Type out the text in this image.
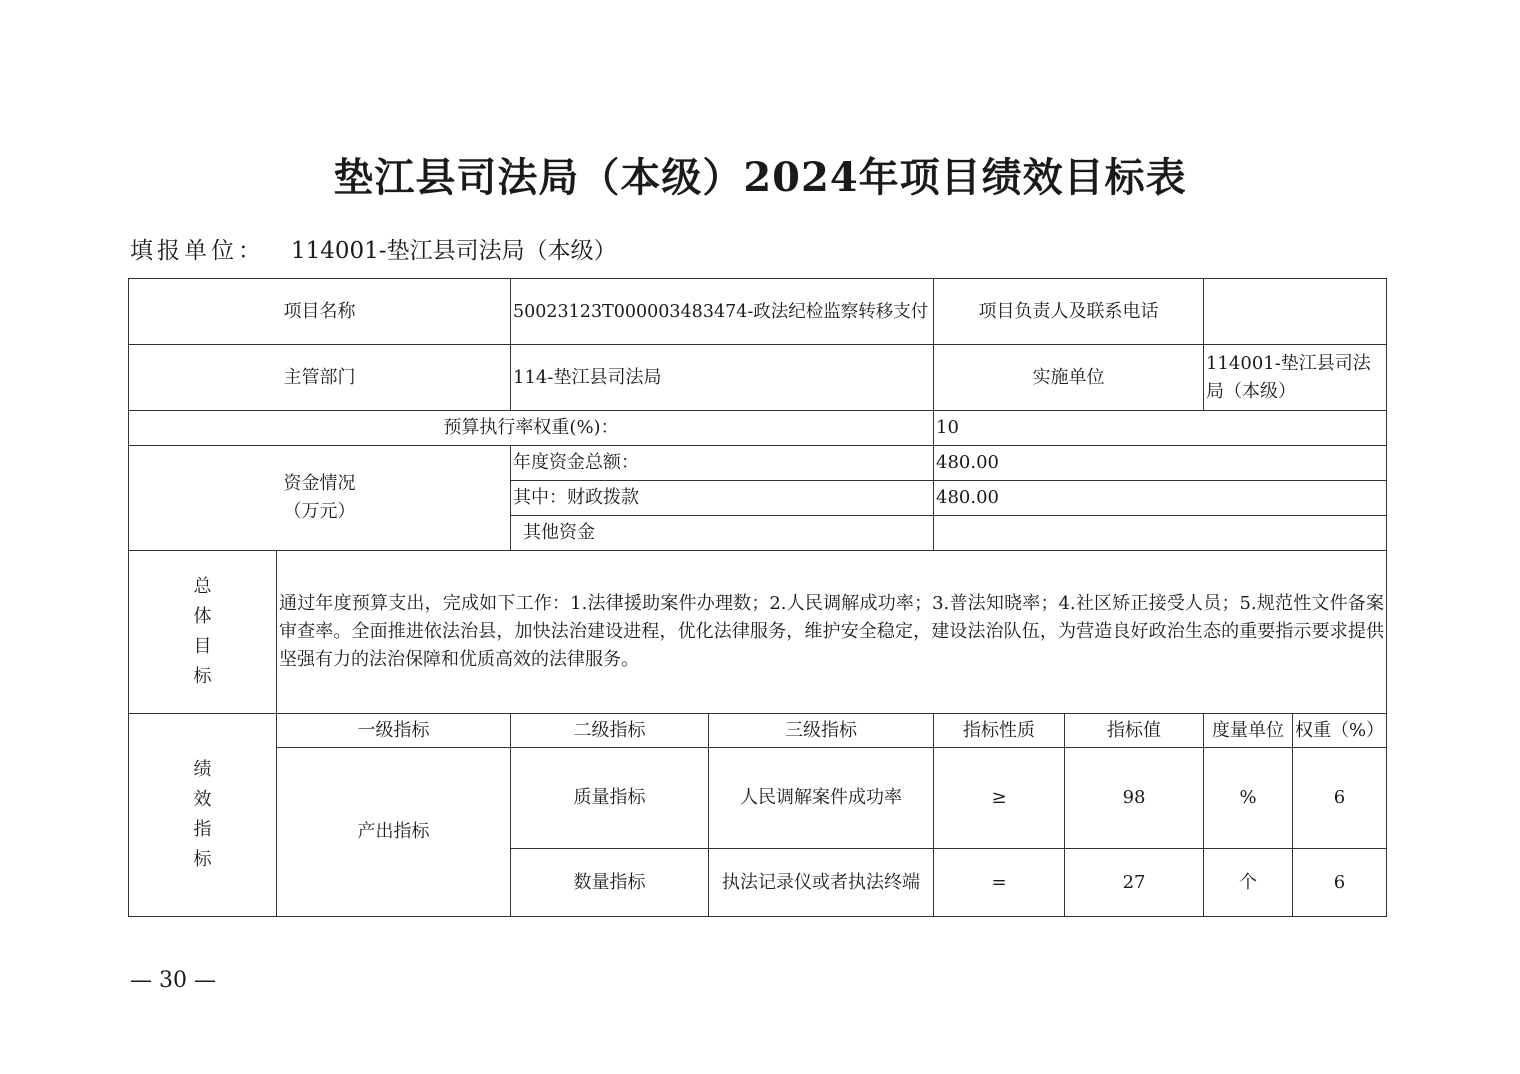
垫江县司法局（本级）2024年项目绩效目标表
填报单位： 114001-垫江县司法局（本级）
项目名称		50023123T000003483474-政法纪检监察转移支付		项目负责人及联系电话			
主管部门		114-垫江县司法局		实施单位		114001-垫江县司法局（本级）	
预算执行率权重(%)：				10			

资金情况
（万元）		年度资金总额：		480.00			
		其中：财政拨款		480.00			
		其他资金					
总体目标	通过年度预算支出，完成如下工作：1.法律援助案件办理数；2.人民调解成功率；3.普法知晓率；4.社区矫正接受人员；5.规范性文件备案审查率。全面推进依法治县，加快法治建设进程，优化法律服务，维护安全稳定，建设法治队伍，为营造良好政治生态的重要指示要求提供坚强有力的法治保障和优质高效的法律服务。						
绩效指标	一级指标	二级指标	三级指标	指标性质	指标值	度量单位	权重（%）
	产出指标	质量指标	人民调解案件成功率	≥	98	%	6
		数量指标	执法记录仪或者执法终端	=	27	个	6
— 30 —
